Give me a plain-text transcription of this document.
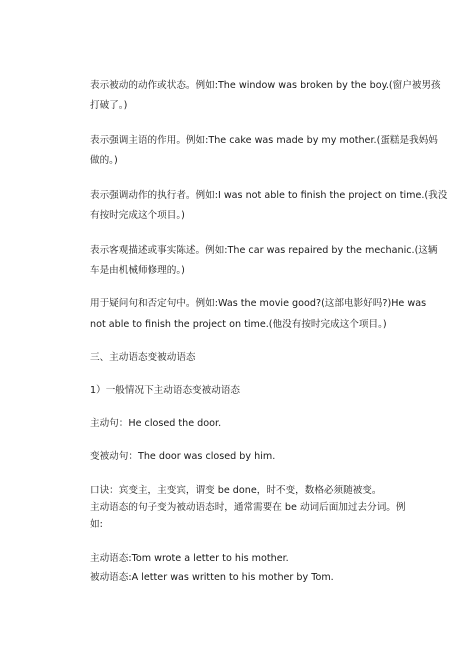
表示被动的动作或状态。例如:The window was broken by the boy.(窗户被男孩
打破了。)
表示强调主语的作用。例如:The cake was made by my mother.(蛋糕是我妈妈
做的。)
表示强调动作的执行者。例如:I was not able to finish the project on time.(我没
有按时完成这个项目。)
表示客观描述或事实陈述。例如:The car was repaired by the mechanic.(这辆
车是由机械师修理的。)
用于疑问句和否定句中。例如:Was the movie good?(这部电影好吗?)He was
not able to finish the project on time.(他没有按时完成这个项目。)
三、主动语态变被动语态
1）一般情况下主动语态变被动语态
主动句：He closed the door.
变被动句：The door was closed by him.
口诀：宾变主，主变宾，谓变 be done，时不变，数格必须随被变。
主动语态的句子变为被动语态时，通常需要在 be 动词后面加过去分词。例
如:
主动语态:Tom wrote a letter to his mother.
被动语态:A letter was written to his mother by Tom.
